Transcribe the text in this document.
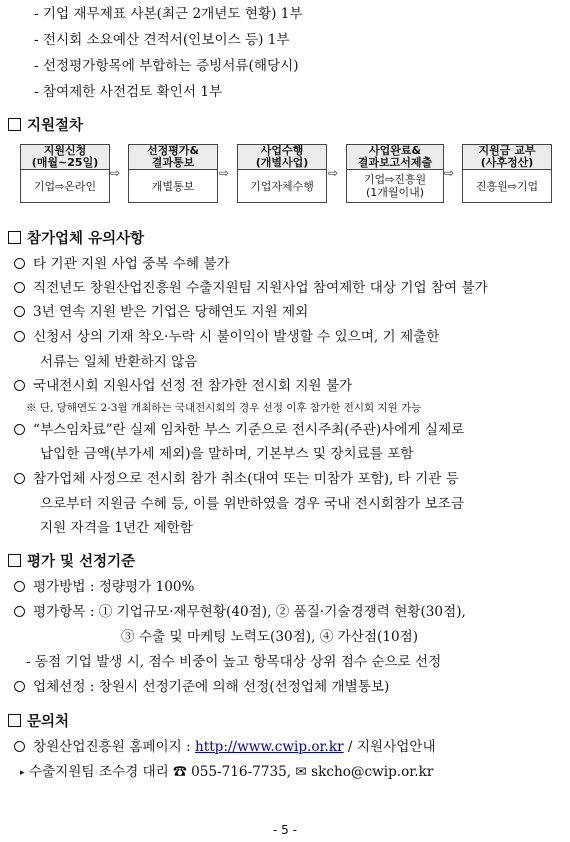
- 기업 재무제표 사본(최근 2개년도 현황) 1부
- 전시회 소요예산 견적서(인보이스 등) 1부
- 선정평가항목에 부합하는 증빙서류(해당시)
- 참여제한 사전검토 확인서 1부
지원절차
지원신청
(매월~25일)
기업⇨온라인
⇨
선정평가&
결과통보
개별통보
⇨
사업수행
(개별사업)
기업자체수행
⇨
사업완료&
결과보고서제출
기업⇨진흥원
(1개월이내)
⇨
지원금 교부
(사후정산)
진흥원⇨기업
참가업체 유의사항
타 기관 지원 사업 중복 수혜 불가
직전년도 창원산업진흥원 수출지원팀 지원사업 참여제한 대상 기업 참여 불가
3년 연속 지원 받은 기업은 당해연도 지원 제외
신청서 상의 기재 착오·누락 시 불이익이 발생할 수 있으며, 기 제출한
서류는 일체 반환하지 않음
국내전시회 지원사업 선정 전 참가한 전시회 지원 불가
※ 단, 당해연도 2-3월 개최하는 국내전시회의 경우 선정 이후 참가한 전시회 지원 가능
“부스임차료”란 실제 임차한 부스 기준으로 전시주최(주관)사에게 실제로
납입한 금액(부가세 제외)을 말하며, 기본부스 및 장치료를 포함
참가업체 사정으로 전시회 참가 취소(대여 또는 미참가 포함), 타 기관 등
으로부터 지원금 수혜 등, 이를 위반하였을 경우 국내 전시회참가 보조금
지원 자격을 1년간 제한함
평가 및 선정기준
평가방법 : 정량평가 100%
평가항목 : ① 기업규모·재무현황(40점), ② 품질·기술경쟁력 현황(30점),
③ 수출 및 마케팅 노력도(30점), ④ 가산점(10점)
- 동점 기업 발생 시, 점수 비중이 높고 항목대상 상위 점수 순으로 선정
업체선정 : 창원시 선정기준에 의해 선정(선정업체 개별통보)
문의처
창원산업진흥원 홈페이지 : http://www.cwip.or.kr / 지원사업안내
▸ 수출지원팀 조수경 대리 ☎ 055-716-7735, ✉ skcho@cwip.or.kr
- 5 -
